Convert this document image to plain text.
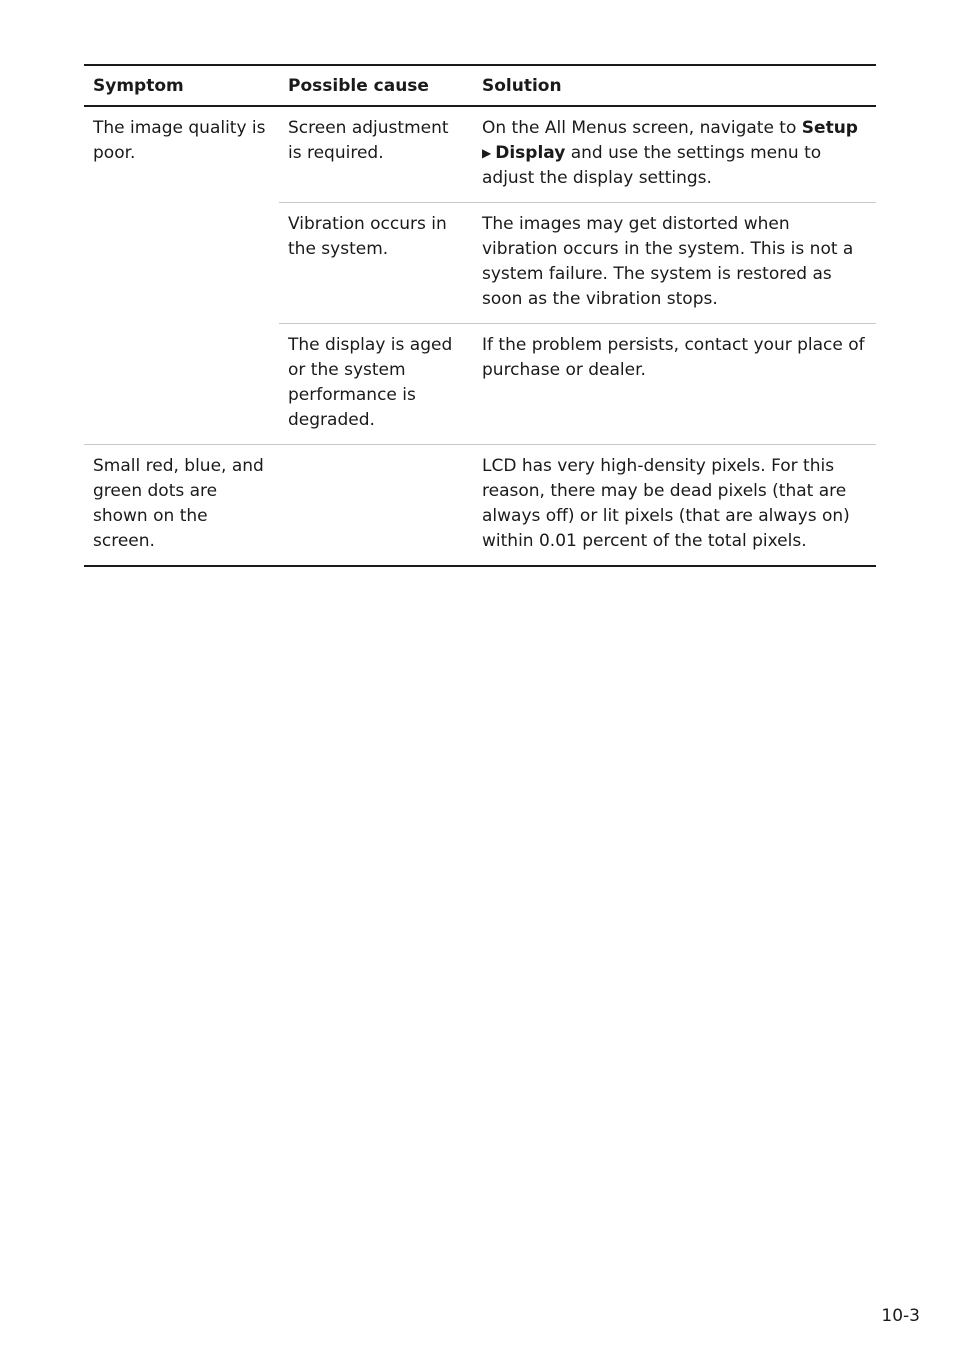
Symptom	Possible cause	Solution
The image quality is poor.	Screen adjustment is required.	On the All Menus screen, navigate to Setup
▶ Display and use the settings menu to adjust the display settings.
	Vibration occurs in the system.	The images may get distorted when vibration occurs in the system. This is not a system failure. The system is restored as soon as the vibration stops.
	The display is aged or the system performance is degraded.	If the problem persists, contact your place of purchase or dealer.
Small red, blue, and green dots are shown on the screen.		LCD has very high-density pixels. For this reason, there may be dead pixels (that are always off) or lit pixels (that are always on) within 0.01 percent of the total pixels.
10-3
